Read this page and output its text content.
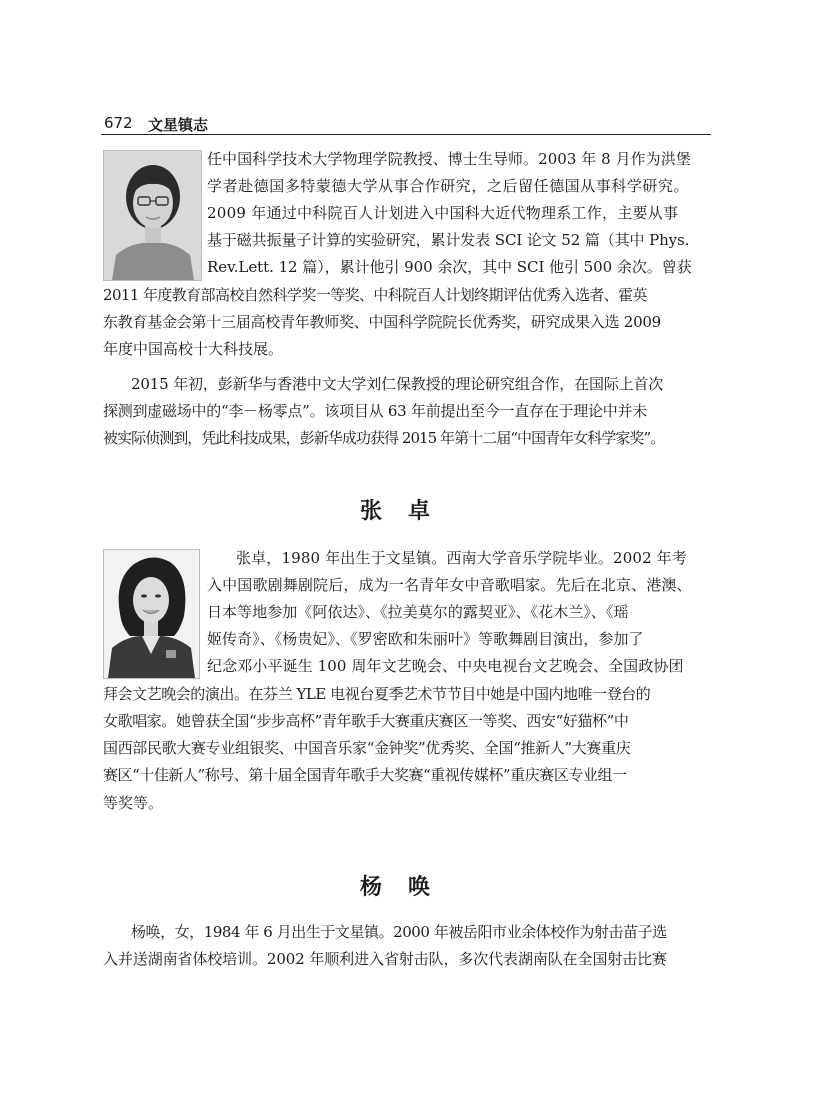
672 文星镇志
任中国科学技术大学物理学院教授、博士生导师。2003 年 8 月作为洪堡
学者赴德国多特蒙德大学从事合作研究，之后留任德国从事科学研究。
2009 年通过中科院百人计划进入中国科大近代物理系工作，主要从事
基于磁共振量子计算的实验研究，累计发表 SCI 论文 52 篇（其中 Phys.
Rev.Lett. 12 篇），累计他引 900 余次，其中 SCI 他引 500 余次。曾获
2011 年度教育部高校自然科学奖一等奖、中科院百人计划终期评估优秀入选者、霍英
东教育基金会第十三届高校青年教师奖、中国科学院院长优秀奖，研究成果入选 2009
年度中国高校十大科技展。
2015 年初，彭新华与香港中文大学刘仁保教授的理论研究组合作，在国际上首次
探测到虚磁场中的“李－杨零点”。该项目从 63 年前提出至今一直存在于理论中并未
被实际侦测到，凭此科技成果，彭新华成功获得 2015 年第十二届“中国青年女科学家奖”。
张卓
张卓，1980 年出生于文星镇。西南大学音乐学院毕业。2002 年考
入中国歌剧舞剧院后，成为一名青年女中音歌唱家。先后在北京、港澳、
日本等地参加《阿依达》、《拉美莫尔的露契亚》、《花木兰》、《瑶
姬传奇》、《杨贵妃》、《罗密欧和朱丽叶》等歌舞剧目演出，参加了
纪念邓小平诞生 100 周年文艺晚会、中央电视台文艺晚会、全国政协团
拜会文艺晚会的演出。在芬兰 YLE 电视台夏季艺术节节目中她是中国内地唯一登台的
女歌唱家。她曾获全国“步步高杯”青年歌手大赛重庆赛区一等奖、西安“好猫杯”中
国西部民歌大赛专业组银奖、中国音乐家“金钟奖”优秀奖、全国“推新人”大赛重庆
赛区“十佳新人”称号、第十届全国青年歌手大奖赛“重视传媒杯”重庆赛区专业组一
等奖等。
杨唤
杨唤，女，1984 年 6 月出生于文星镇。2000 年被岳阳市业余体校作为射击苗子选
入并送湖南省体校培训。2002 年顺利进入省射击队，多次代表湖南队在全国射击比赛
